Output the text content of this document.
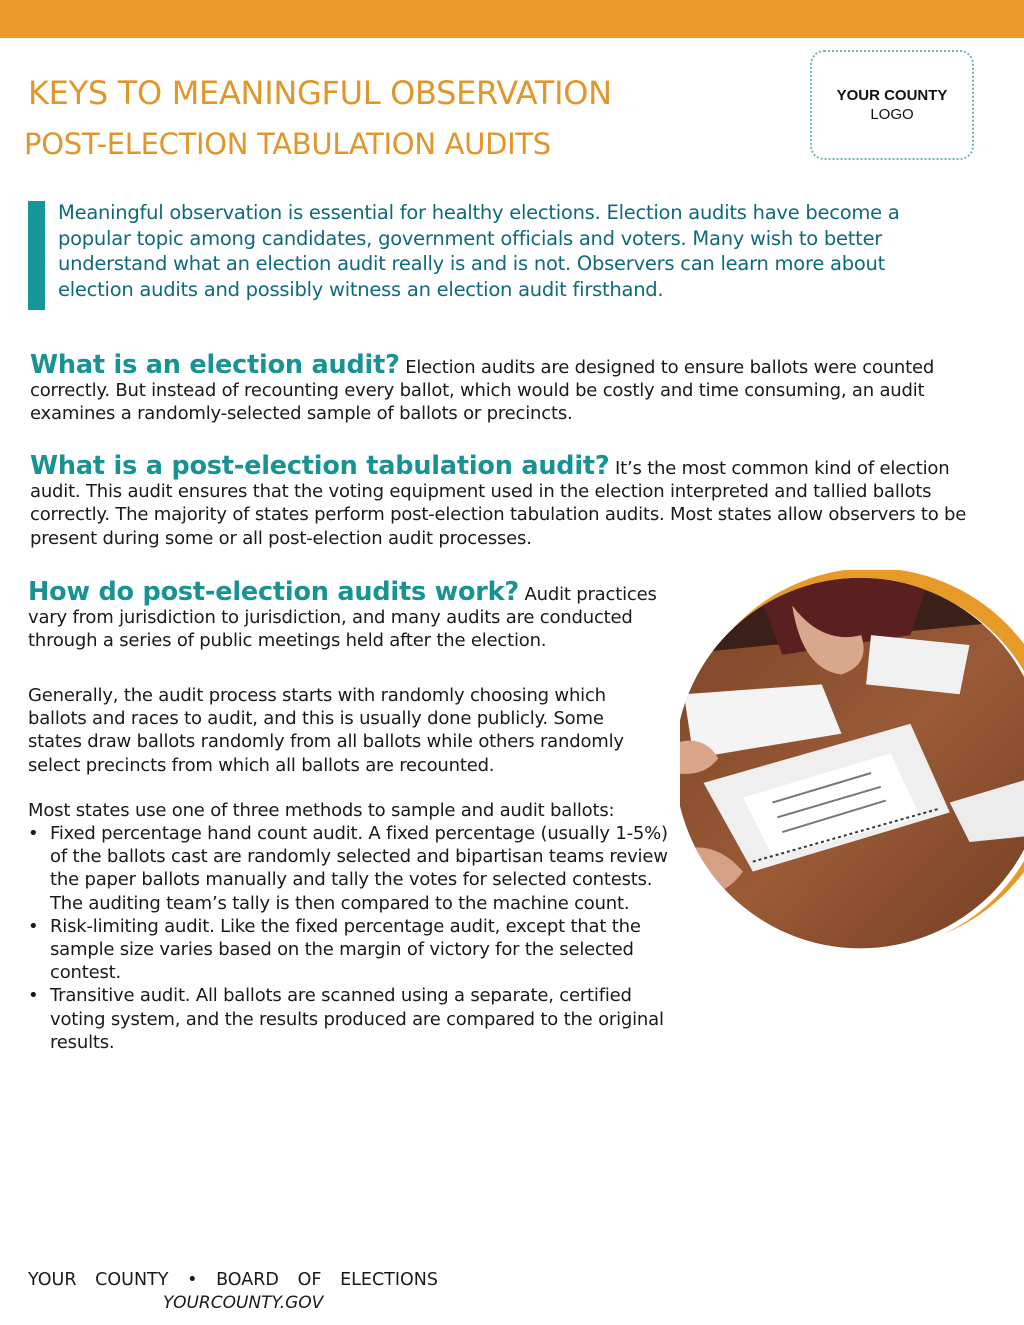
KEYS TO MEANINGFUL OBSERVATION
POST-ELECTION TABULATION AUDITS
YOUR COUNTY
LOGO

Meaningful observation is essential for healthy elections. Election audits have become a popular topic among candidates, government officials and voters. Many wish to better understand what an election audit really is and is not. Observers can learn more about election audits and possibly witness an election audit firsthand.

What is an election audit? Election audits are designed to ensure ballots were counted correctly. But instead of recounting every ballot, which would be costly and time consuming, an audit examines a randomly-selected sample of ballots or precincts.

What is a post-election tabulation audit? It’s the most common kind of election audit. This audit ensures that the voting equipment used in the election interpreted and tallied ballots correctly. The majority of states perform post-election tabulation audits. Most states allow observers to be present during some or all post-election audit processes.

How do post-election audits work? Audit practices vary from jurisdiction to jurisdiction, and many audits are conducted through a series of public meetings held after the election.

Generally, the audit process starts with randomly choosing which ballots and races to audit, and this is usually done publicly. Some states draw ballots randomly from all ballots while others randomly select precincts from which all ballots are recounted.

Most states use one of three methods to sample and audit ballots:

• Fixed percentage hand count audit. A fixed percentage (usually 1-5%) of the ballots cast are randomly selected and bipartisan teams review the paper ballots manually and tally the votes for selected contests. The auditing team’s tally is then compared to the machine count.
• Risk-limiting audit. Like the fixed percentage audit, except that the sample size varies based on the margin of victory for the selected contest.
• Transitive audit. All ballots are scanned using a separate, certified voting system, and the results produced are compared to the original results.
YOUR COUNTY • BOARD OF ELECTIONS

YOURCOUNTY.GOV
